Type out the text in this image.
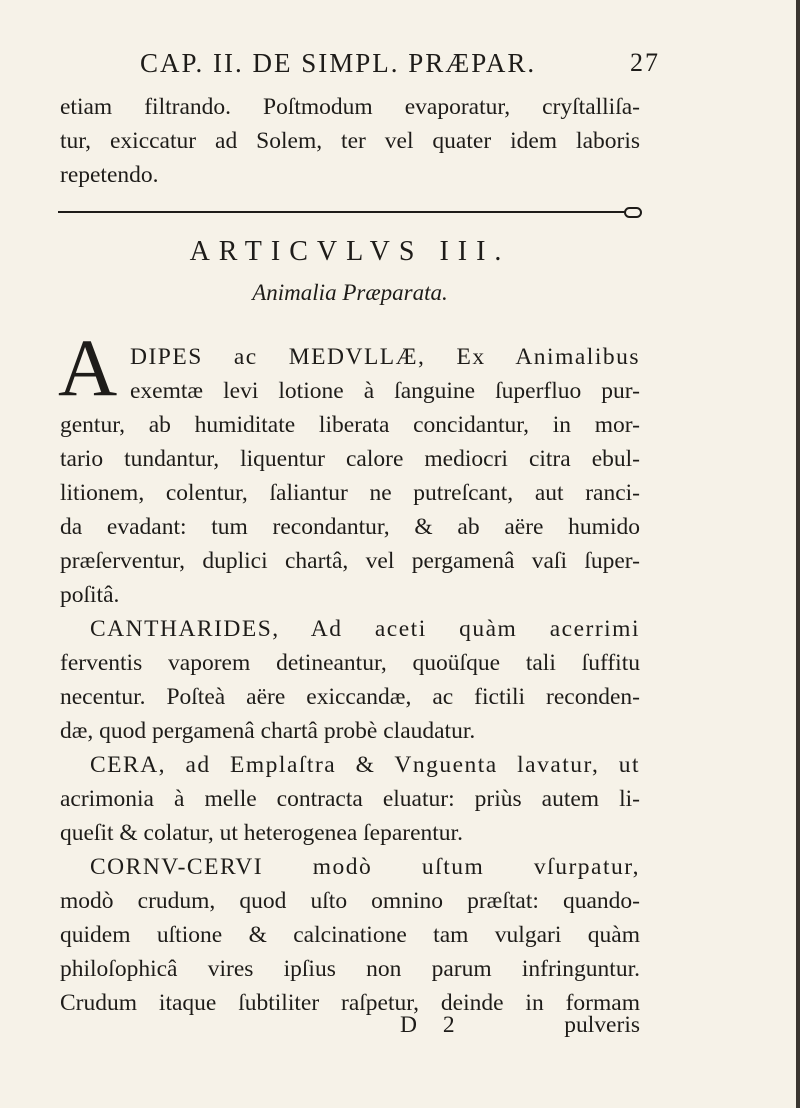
CAP. II. DE SIMPL. PRÆPAR.	27
etiam filtrando. Poſtmodum evaporatur, cryſtalliſa-
tur, exiccatur ad Solem, ter vel quater idem laboris
repetendo.
ARTICVLVS III.
Animalia Præparata.
A DIPES ac MEDVLLÆ, Ex Animalibus
exemtæ levi lotione à ſanguine ſuperfluo pur-
gentur, ab humiditate liberata concidantur, in mor-
tario tundantur, liquentur calore mediocri citra ebul-
litionem, colentur, ſaliantur ne putreſcant, aut ranci-
da evadant: tum recondantur, & ab aëre humido
præſerventur, duplici chartâ, vel pergamenâ vaſi ſuper-
poſitâ.
CANTHARIDES, Ad aceti quàm acerrimi
ferventis vaporem detineantur, quoüſque tali ſuffitu
necentur. Poſteà aëre exiccandæ, ac fictili reconden-
dæ, quod pergamenâ chartâ probè claudatur.
CERA, ad Emplaſtra & Vnguenta lavatur, ut
acrimonia à melle contracta eluatur: priùs autem li-
queſit & colatur, ut heterogenea ſeparentur.
CORNV-CERVI modò uſtum vſurpatur,
modò crudum, quod uſto omnino præſtat: quando-
quidem uſtione & calcinatione tam vulgari quàm
philoſophicâ vires ipſius non parum infringuntur.
Crudum itaque ſubtiliter raſpetur, deinde in formam
D 2	pulveris
